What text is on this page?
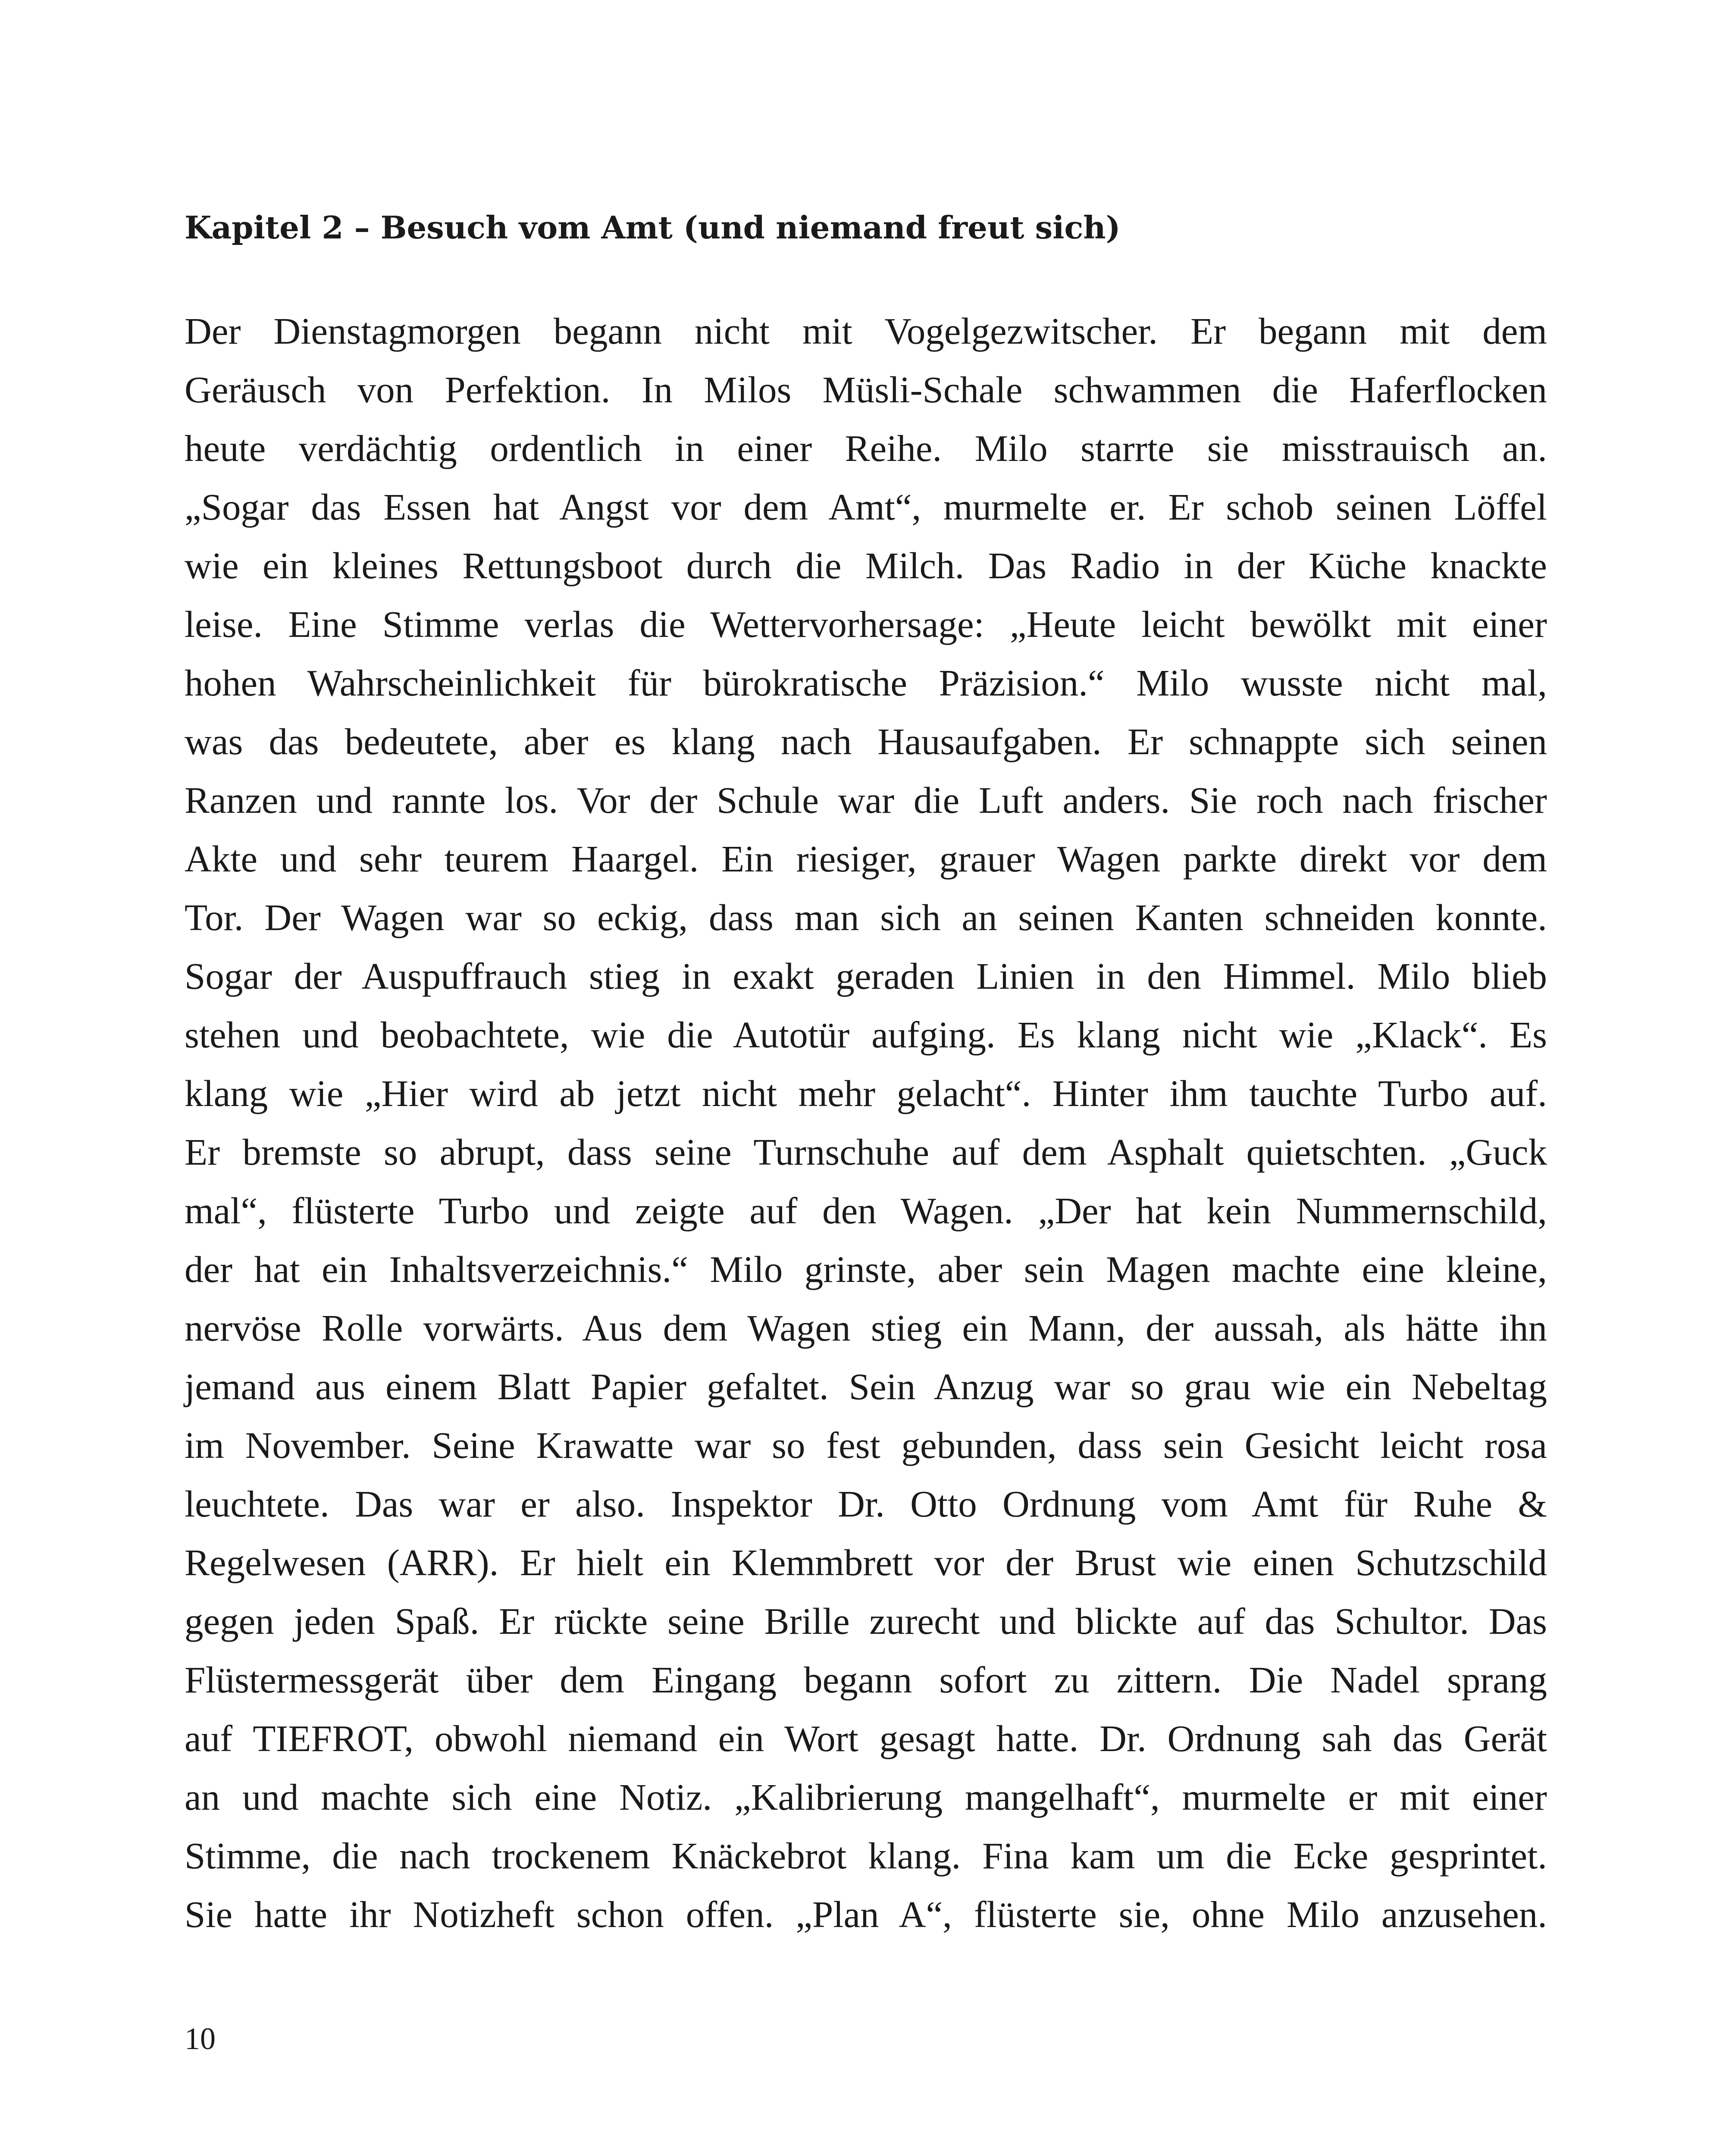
Kapitel 2 – Besuch vom Amt (und niemand freut sich)
Der Dienstagmorgen begann nicht mit Vogelgezwitscher. Er begann mit dem
Geräusch von Perfektion. In Milos Müsli-Schale schwammen die Haferflocken
heute verdächtig ordentlich in einer Reihe. Milo starrte sie misstrauisch an.
„Sogar das Essen hat Angst vor dem Amt“, murmelte er. Er schob seinen Löffel
wie ein kleines Rettungsboot durch die Milch. Das Radio in der Küche knackte
leise. Eine Stimme verlas die Wettervorhersage: „Heute leicht bewölkt mit einer
hohen Wahrscheinlichkeit für bürokratische Präzision.“ Milo wusste nicht mal,
was das bedeutete, aber es klang nach Hausaufgaben. Er schnappte sich seinen
Ranzen und rannte los. Vor der Schule war die Luft anders. Sie roch nach frischer
Akte und sehr teurem Haargel. Ein riesiger, grauer Wagen parkte direkt vor dem
Tor. Der Wagen war so eckig, dass man sich an seinen Kanten schneiden konnte.
Sogar der Auspuffrauch stieg in exakt geraden Linien in den Himmel. Milo blieb
stehen und beobachtete, wie die Autotür aufging. Es klang nicht wie „Klack“. Es
klang wie „Hier wird ab jetzt nicht mehr gelacht“. Hinter ihm tauchte Turbo auf.
Er bremste so abrupt, dass seine Turnschuhe auf dem Asphalt quietschten. „Guck
mal“, flüsterte Turbo und zeigte auf den Wagen. „Der hat kein Nummernschild,
der hat ein Inhaltsverzeichnis.“ Milo grinste, aber sein Magen machte eine kleine,
nervöse Rolle vorwärts. Aus dem Wagen stieg ein Mann, der aussah, als hätte ihn
jemand aus einem Blatt Papier gefaltet. Sein Anzug war so grau wie ein Nebeltag
im November. Seine Krawatte war so fest gebunden, dass sein Gesicht leicht rosa
leuchtete. Das war er also. Inspektor Dr. Otto Ordnung vom Amt für Ruhe &
Regelwesen (ARR). Er hielt ein Klemmbrett vor der Brust wie einen Schutzschild
gegen jeden Spaß. Er rückte seine Brille zurecht und blickte auf das Schultor. Das
Flüstermessgerät über dem Eingang begann sofort zu zittern. Die Nadel sprang
auf TIEFROT, obwohl niemand ein Wort gesagt hatte. Dr. Ordnung sah das Gerät
an und machte sich eine Notiz. „Kalibrierung mangelhaft“, murmelte er mit einer
Stimme, die nach trockenem Knäckebrot klang. Fina kam um die Ecke gesprintet.
Sie hatte ihr Notizheft schon offen. „Plan A“, flüsterte sie, ohne Milo anzusehen.
10
